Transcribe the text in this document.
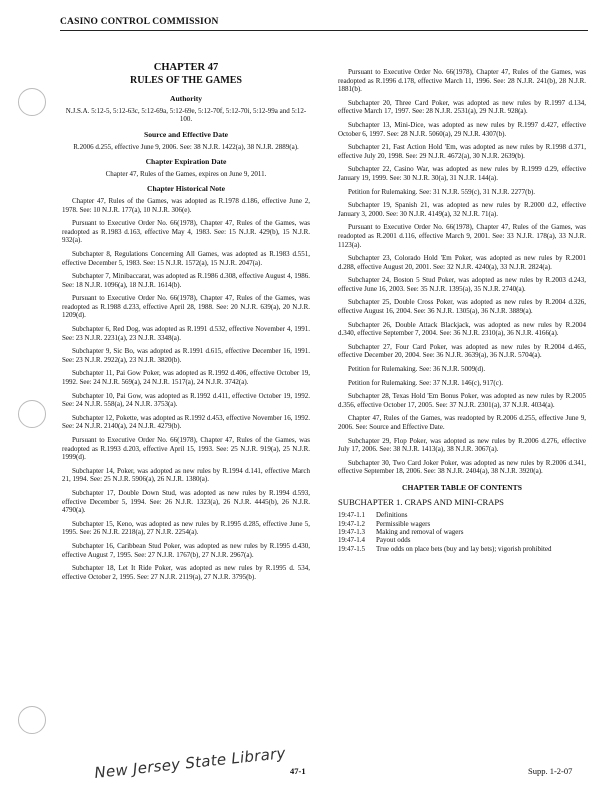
CASINO CONTROL COMMISSION
CHAPTER 47
RULES OF THE GAMES
Authority
N.J.S.A. 5:12-5, 5:12-63c, 5:12-69a, 5:12-69e, 5:12-70f, 5:12-70i, 5:12-99a and 5:12-100.
Source and Effective Date
R.2006 d.255, effective June 9, 2006. See: 38 N.J.R. 1422(a), 38 N.J.R. 2889(a).
Chapter Expiration Date
Chapter 47, Rules of the Games, expires on June 9, 2011.
Chapter Historical Note

Chapter 47, Rules of the Games, was adopted as R.1978 d.186, effective June 2, 1978. See: 10 N.J.R. 177(a), 10 N.J.R. 306(e).

Pursuant to Executive Order No. 66(1978), Chapter 47, Rules of the Games, was readopted as R.1983 d.163, effective May 4, 1983. See: 15 N.J.R. 429(b), 15 N.J.R. 932(a).

Subchapter 8, Regulations Concerning All Games, was adopted as R.1983 d.551, effective December 5, 1983. See: 15 N.J.R. 1572(a), 15 N.J.R. 2047(a).

Subchapter 7, Minibaccarat, was adopted as R.1986 d.308, effective August 4, 1986. See: 18 N.J.R. 1096(a), 18 N.J.R. 1614(b).

Pursuant to Executive Order No. 66(1978), Chapter 47, Rules of the Games, was readopted as R.1988 d.233, effective April 28, 1988. See: 20 N.J.R. 639(a), 20 N.J.R. 1209(d).

Subchapter 6, Red Dog, was adopted as R.1991 d.532, effective November 4, 1991. See: 23 N.J.R. 2231(a), 23 N.J.R. 3348(a).

Subchapter 9, Sic Bo, was adopted as R.1991 d.615, effective December 16, 1991. See: 23 N.J.R. 2922(a), 23 N.J.R. 3820(b).

Subchapter 11, Pai Gow Poker, was adopted as R.1992 d.406, effective October 19, 1992. See: 24 N.J.R. 569(a), 24 N.J.R. 1517(a), 24 N.J.R. 3742(a).

Subchapter 10, Pai Gow, was adopted as R.1992 d.411, effective October 19, 1992. See: 24 N.J.R. 558(a), 24 N.J.R. 3753(a).

Subchapter 12, Pokette, was adopted as R.1992 d.453, effective November 16, 1992. See: 24 N.J.R. 2140(a), 24 N.J.R. 4279(b).

Pursuant to Executive Order No. 66(1978), Chapter 47, Rules of the Games, was readopted as R.1993 d.203, effective April 15, 1993. See: 25 N.J.R. 919(a), 25 N.J.R. 1999(d).

Subchapter 14, Poker, was adopted as new rules by R.1994 d.141, effective March 21, 1994. See: 25 N.J.R. 5906(a), 26 N.J.R. 1380(a).

Subchapter 17, Double Down Stud, was adopted as new rules by R.1994 d.593, effective December 5, 1994. See: 26 N.J.R. 1323(a), 26 N.J.R. 4445(b), 26 N.J.R. 4790(a).

Subchapter 15, Keno, was adopted as new rules by R.1995 d.285, effective June 5, 1995. See: 26 N.J.R. 2218(a), 27 N.J.R. 2254(a).

Subchapter 16, Caribbean Stud Poker, was adopted as new rules by R.1995 d.430, effective August 7, 1995. See: 27 N.J.R. 1767(b), 27 N.J.R. 2967(a).

Subchapter 18, Let It Ride Poker, was adopted as new rules by R.1995 d. 534, effective October 2, 1995. See: 27 N.J.R. 2119(a), 27 N.J.R. 3795(b).

Pursuant to Executive Order No. 66(1978), Chapter 47, Rules of the Games, was readopted as R.1996 d.178, effective March 11, 1996. See: 28 N.J.R. 241(b), 28 N.J.R. 1881(b).

Subchapter 20, Three Card Poker, was adopted as new rules by R.1997 d.134, effective March 17, 1997. See: 28 N.J.R. 2531(a), 29 N.J.R. 928(a).

Subchapter 13, Mini-Dice, was adopted as new rules by R.1997 d.427, effective October 6, 1997. See: 28 N.J.R. 5060(a), 29 N.J.R. 4307(b).

Subchapter 21, Fast Action Hold 'Em, was adopted as new rules by R.1998 d.371, effective July 20, 1998. See: 29 N.J.R. 4672(a), 30 N.J.R. 2639(b).

Subchapter 22, Casino War, was adopted as new rules by R.1999 d.29, effective January 19, 1999. See: 30 N.J.R. 30(a), 31 N.J.R. 144(a).

Petition for Rulemaking. See: 31 N.J.R. 559(c), 31 N.J.R. 2277(b).

Subchapter 19, Spanish 21, was adopted as new rules by R.2000 d.2, effective January 3, 2000. See: 30 N.J.R. 4149(a), 32 N.J.R. 71(a).

Pursuant to Executive Order No. 66(1978), Chapter 47, Rules of the Games, was readopted as R.2001 d.116, effective March 9, 2001. See: 33 N.J.R. 178(a), 33 N.J.R. 1123(a).

Subchapter 23, Colorado Hold 'Em Poker, was adopted as new rules by R.2001 d.288, effective August 20, 2001. See: 32 N.J.R. 4240(a), 33 N.J.R. 2824(a).

Subchapter 24, Boston 5 Stud Poker, was adopted as new rules by R.2003 d.243, effective June 16, 2003. See: 35 N.J.R. 1395(a), 35 N.J.R. 2740(a).

Subchapter 25, Double Cross Poker, was adopted as new rules by R.2004 d.326, effective August 16, 2004. See: 36 N.J.R. 1305(a), 36 N.J.R. 3889(a).

Subchapter 26, Double Attack Blackjack, was adopted as new rules by R.2004 d.340, effective September 7, 2004. See: 36 N.J.R. 2310(a), 36 N.J.R. 4166(a).

Subchapter 27, Four Card Poker, was adopted as new rules by R.2004 d.465, effective December 20, 2004. See: 36 N.J.R. 3639(a), 36 N.J.R. 5704(a).

Petition for Rulemaking. See: 36 N.J.R. 5009(d).

Petition for Rulemaking. See: 37 N.J.R. 146(c), 917(c).

Subchapter 28, Texas Hold 'Em Bonus Poker, was adopted as new rules by R.2005 d.356, effective October 17, 2005. See: 37 N.J.R. 2301(a), 37 N.J.R. 4034(a).

Chapter 47, Rules of the Games, was readopted by R.2006 d.255, effective June 9, 2006. See: Source and Effective Date.

Subchapter 29, Flop Poker, was adopted as new rules by R.2006 d.276, effective July 17, 2006. See: 38 N.J.R. 1413(a), 38 N.J.R. 3067(a).

Subchapter 30, Two Card Joker Poker, was adopted as new rules by R.2006 d.341, effective September 18, 2006. See: 38 N.J.R. 2404(a), 38 N.J.R. 3920(a).

CHAPTER TABLE OF CONTENTS
SUBCHAPTER 1. CRAPS AND MINI-CRAPS
19:47-1.1	Definitions
19:47-1.2	Permissible wagers
19:47-1.3	Making and removal of wagers
19:47-1.4	Payout odds
19:47-1.5	True odds on place bets (buy and lay bets); vigorish prohibited
New Jersey State Library 47-1	Supp. 1-2-07
